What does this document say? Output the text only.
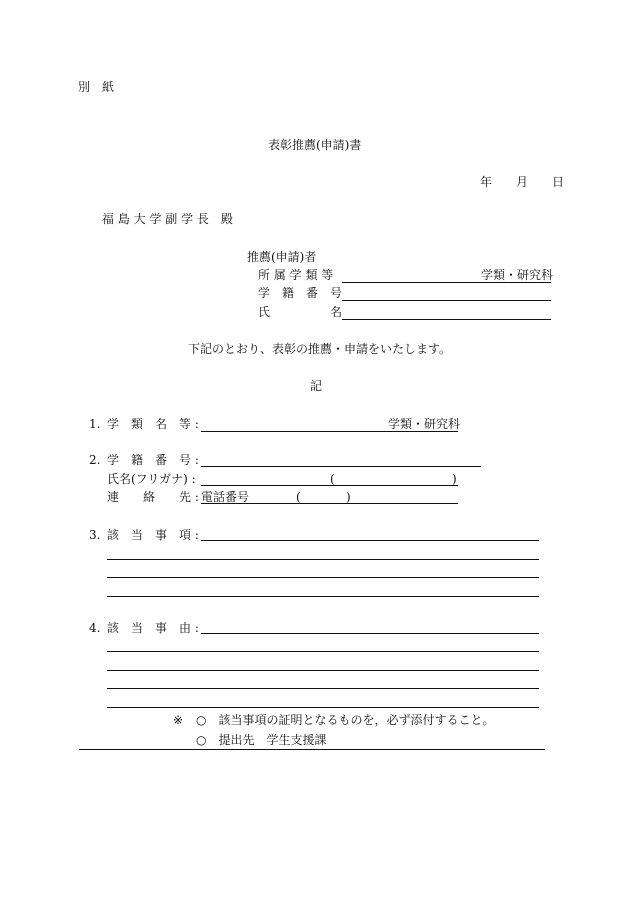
別　紙
表彰推薦(申請)書
年　　月　　日
福 島 大 学 副 学 長　殿
推薦(申請)者
所 属 学 類 等	学類・研究科
学　籍　番　号
氏　　　　　名
下記のとおり、表彰の推薦・申請をいたします。
記
1. 学　類　名　等 :	学類・研究科
2. 学　籍　番　号 :
氏名(フリガナ) :	(	)
連　　絡　　先 : 電話番号	(	)
3. 該　当　事　項 :
4. 該　当　事　由 :
※ ○　該当事項の証明となるものを，必ず添付すること。
○　提出先　学生支援課
